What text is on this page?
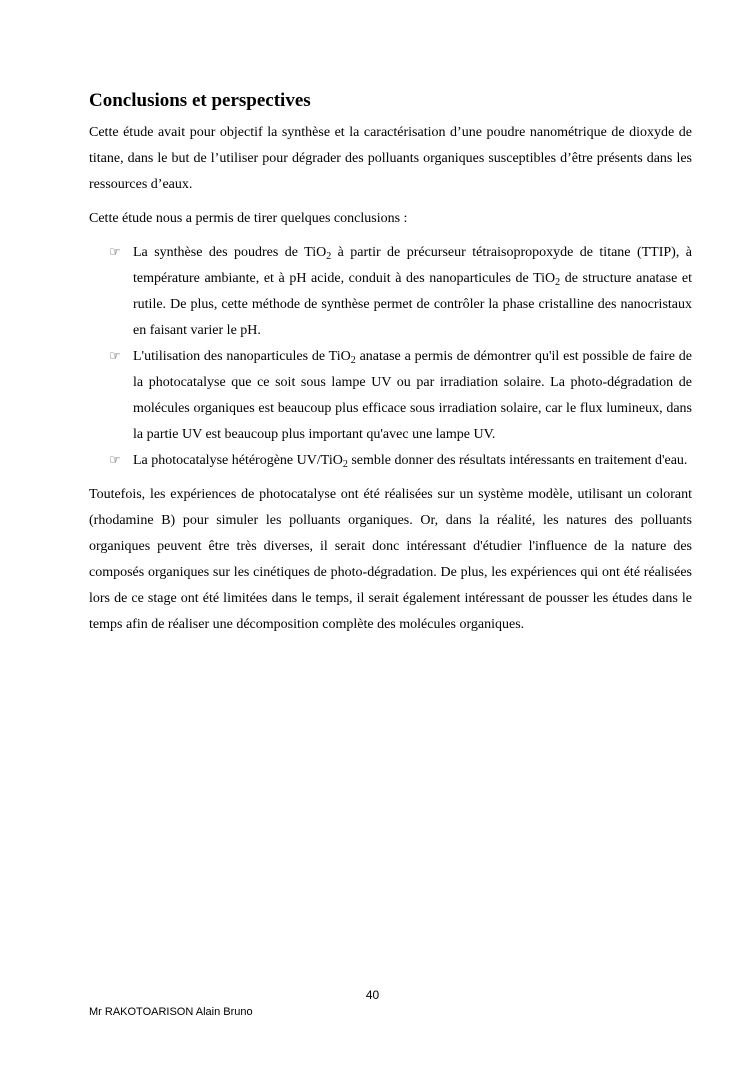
Conclusions et perspectives

Cette étude avait pour objectif la synthèse et la caractérisation d’une poudre nanométrique de dioxyde de titane, dans le but de l’utiliser pour dégrader des polluants organiques susceptibles d’être présents dans les ressources d’eaux.

Cette étude nous a permis de tirer quelques conclusions :

☞ La synthèse des poudres de TiO$_2$ à partir de précurseur tétraisopropoxyde de titane (TTIP), à température ambiante, et à pH acide, conduit à des nanoparticules de TiO$_2$ de structure anatase et rutile. De plus, cette méthode de synthèse permet de contrôler la phase cristalline des nanocristaux en faisant varier le pH.
☞ L'utilisation des nanoparticules de TiO$_2$ anatase a permis de démontrer qu'il est possible de faire de la photocatalyse que ce soit sous lampe UV ou par irradiation solaire. La photo-dégradation de molécules organiques est beaucoup plus efficace sous irradiation solaire, car le flux lumineux, dans la partie UV est beaucoup plus important qu'avec une lampe UV.
☞ La photocatalyse hétérogène UV/TiO$_2$ semble donner des résultats intéressants en traitement d'eau.

Toutefois, les expériences de photocatalyse ont été réalisées sur un système modèle, utilisant un colorant (rhodamine B) pour simuler les polluants organiques. Or, dans la réalité, les natures des polluants organiques peuvent être très diverses, il serait donc intéressant d'étudier l'influence de la nature des composés organiques sur les cinétiques de photo-dégradation. De plus, les expériences qui ont été réalisées lors de ce stage ont été limitées dans le temps, il serait également intéressant de pousser les études dans le temps afin de réaliser une décomposition complète des molécules organiques.

40
Mr RAKOTOARISON Alain Bruno
